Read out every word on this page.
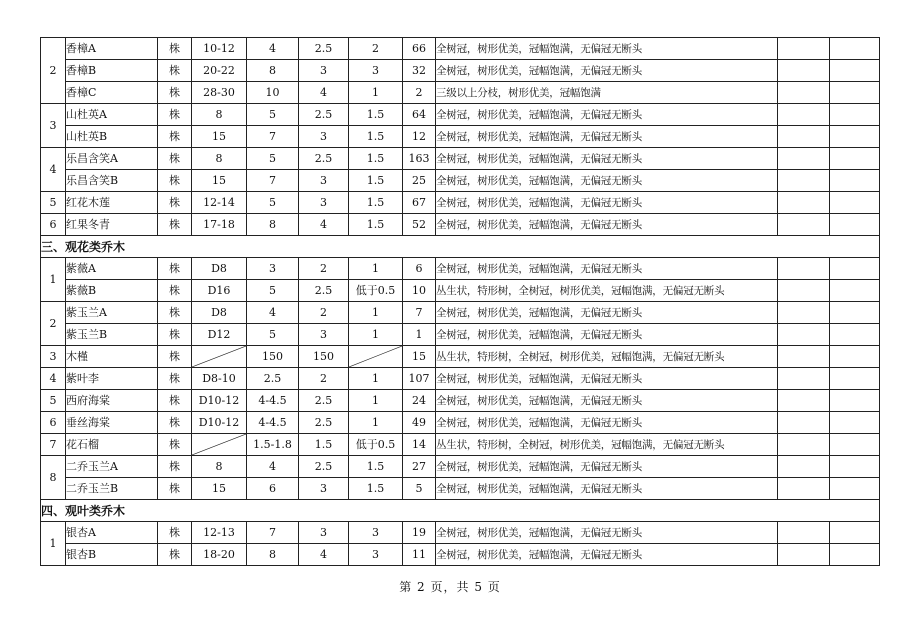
2	香樟A	株	10-12	4	2.5	2	66	全树冠，树形优美，冠幅饱满，无偏冠无断头		
	香樟B	株	20-22	8	3	3	32	全树冠，树形优美，冠幅饱满，无偏冠无断头		
	香樟C	株	28-30	10	4	1	2	三级以上分枝，树形优美，冠幅饱满		
3	山杜英A	株	8	5	2.5	1.5	64	全树冠，树形优美，冠幅饱满，无偏冠无断头		
	山杜英B	株	15	7	3	1.5	12	全树冠，树形优美，冠幅饱满，无偏冠无断头		
4	乐昌含笑A	株	8	5	2.5	1.5	163	全树冠，树形优美，冠幅饱满，无偏冠无断头		
	乐昌含笑B	株	15	7	3	1.5	25	全树冠，树形优美，冠幅饱满，无偏冠无断头		
5	红花木莲	株	12-14	5	3	1.5	67	全树冠，树形优美，冠幅饱满，无偏冠无断头		
6	红果冬青	株	17-18	8	4	1.5	52	全树冠，树形优美，冠幅饱满，无偏冠无断头		
三、观花类乔木										
1	紫薇A	株	D8	3	2	1	6	全树冠，树形优美，冠幅饱满，无偏冠无断头		
	紫薇B	株	D16	5	2.5	低于0.5	10	丛生状，特形树，全树冠，树形优美，冠幅饱满，无偏冠无断头		
2	紫玉兰A	株	D8	4	2	1	7	全树冠，树形优美，冠幅饱满，无偏冠无断头		
	紫玉兰B	株	D12	5	3	1	1	全树冠，树形优美，冠幅饱满，无偏冠无断头		
3	木槿	株		150	150		15	丛生状，特形树，全树冠，树形优美，冠幅饱满，无偏冠无断头		
4	紫叶李	株	D8-10	2.5	2	1	107	全树冠，树形优美，冠幅饱满，无偏冠无断头		
5	西府海棠	株	D10-12	4-4.5	2.5	1	24	全树冠，树形优美，冠幅饱满，无偏冠无断头		
6	垂丝海棠	株	D10-12	4-4.5	2.5	1	49	全树冠，树形优美，冠幅饱满，无偏冠无断头		
7	花石榴	株		1.5-1.8	1.5	低于0.5	14	丛生状，特形树，全树冠，树形优美，冠幅饱满，无偏冠无断头		
8	二乔玉兰A	株	8	4	2.5	1.5	27	全树冠，树形优美，冠幅饱满，无偏冠无断头		
	二乔玉兰B	株	15	6	3	1.5	5	全树冠，树形优美，冠幅饱满，无偏冠无断头		
四、观叶类乔木										
1	银杏A	株	12-13	7	3	3	19	全树冠，树形优美，冠幅饱满，无偏冠无断头		
	银杏B	株	18-20	8	4	3	11	全树冠，树形优美，冠幅饱满，无偏冠无断头		
第 2 页，共 5 页
